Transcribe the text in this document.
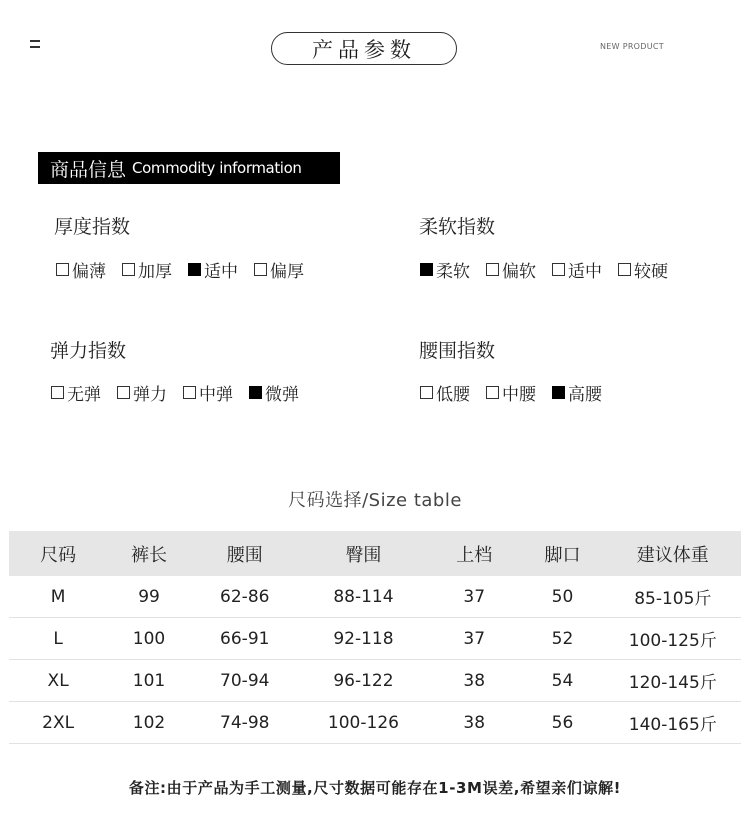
产品参数	NEW PRODUCT
商品信息 Commodity information
厚度指数
偏薄 加厚 适中 偏厚
柔软指数
柔软 偏软 适中 较硬
弹力指数
无弹 弹力 中弹 微弹
腰围指数
低腰 中腰 高腰
尺码选择/Size table
尺码	裤长	腰围	臀围	上档	脚口	建议体重
M	99	62-86	88-114	37	50	85-105斤
L	100	66-91	92-118	37	52	100-125斤
XL	101	70-94	96-122	38	54	120-145斤
2XL	102	74-98	100-126	38	56	140-165斤
备注:由于产品为手工测量,尺寸数据可能存在1-3M误差,希望亲们谅解!
